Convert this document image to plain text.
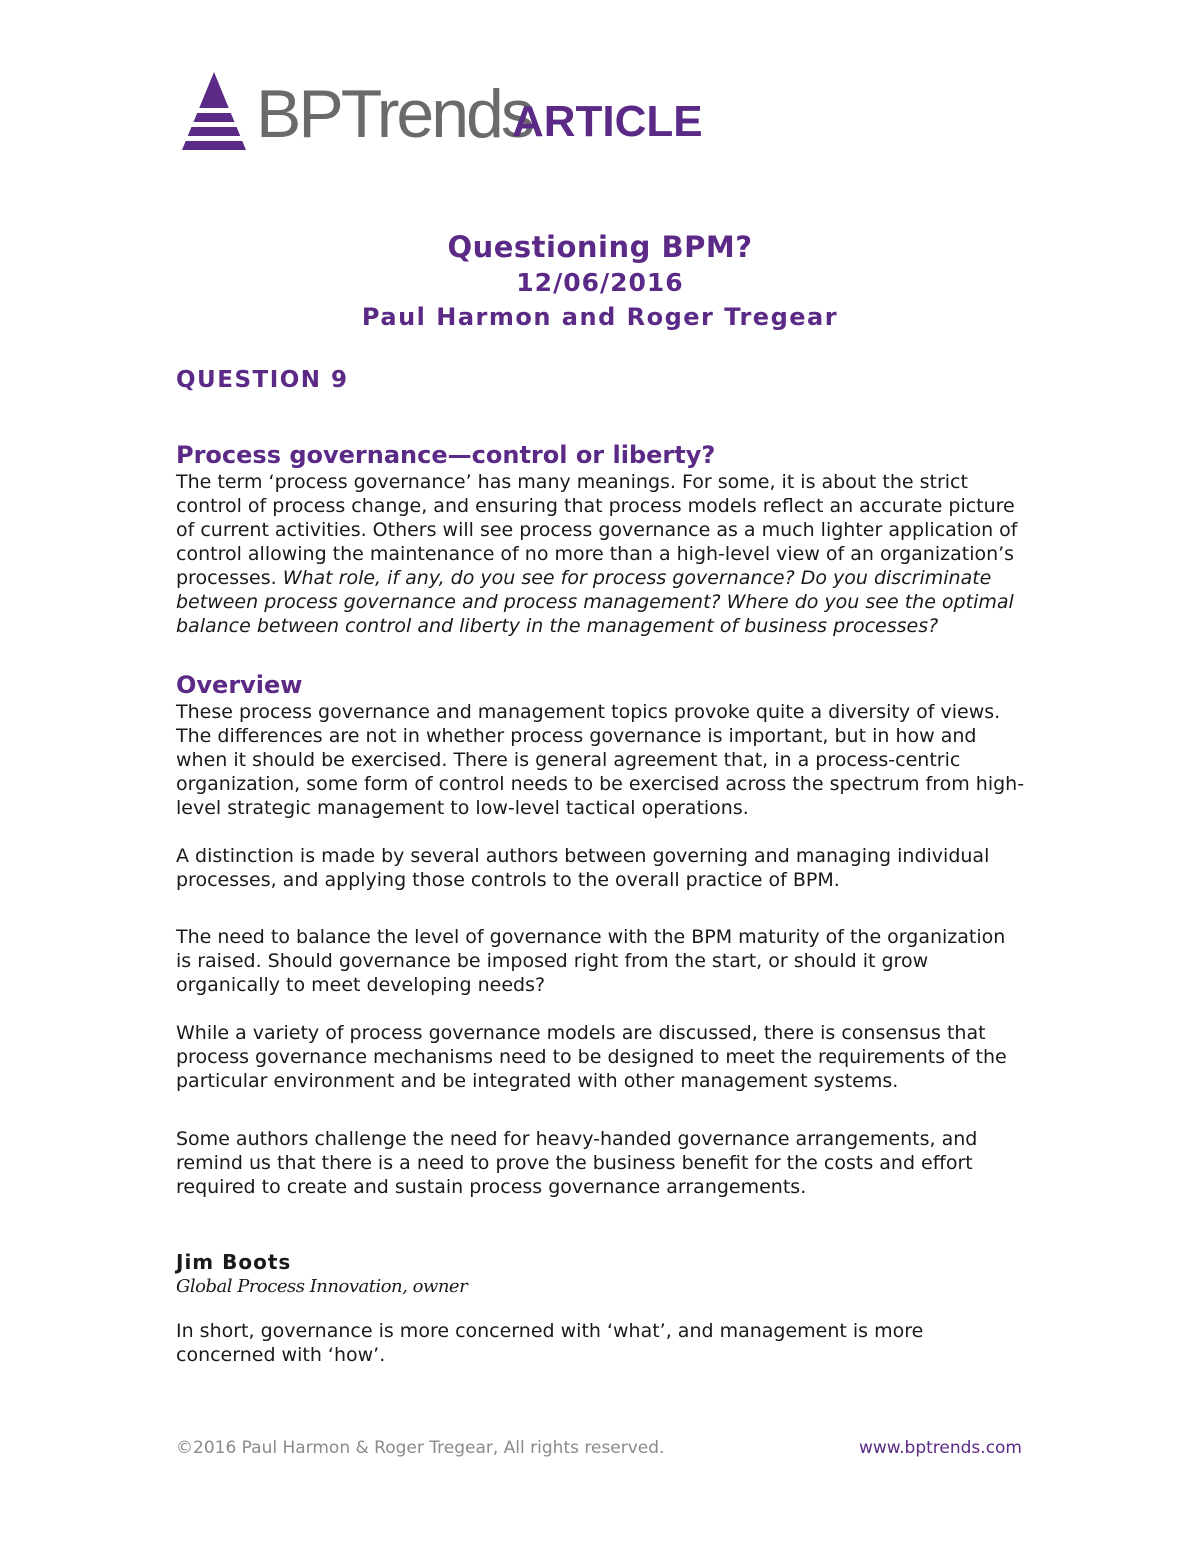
BPTrends
ARTICLE
Questioning BPM?
12/06/2016
Paul Harmon and Roger Tregear
QUESTION 9
Process governance—control or liberty?

The term ‘process governance’ has many meanings. For some, it is about the strict control of process change, and ensuring that process models reflect an accurate picture of current activities. Others will see process governance as a much lighter application of control allowing the maintenance of no more than a high-level view of an organization’s processes. What role, if any, do you see for process governance? Do you discriminate between process governance and process management? Where do you see the optimal balance between control and liberty in the management of business processes?

Overview

These process governance and management topics provoke quite a diversity of views. The differences are not in whether process governance is important, but in how and when it should be exercised. There is general agreement that, in a process-centric organization, some form of control needs to be exercised across the spectrum from high-level strategic management to low-level tactical operations.

A distinction is made by several authors between governing and managing individual processes, and applying those controls to the overall practice of BPM.

The need to balance the level of governance with the BPM maturity of the organization is raised. Should governance be imposed right from the start, or should it grow organically to meet developing needs?

While a variety of process governance models are discussed, there is consensus that process governance mechanisms need to be designed to meet the requirements of the particular environment and be integrated with other management systems.

Some authors challenge the need for heavy-handed governance arrangements, and remind us that there is a need to prove the business benefit for the costs and effort required to create and sustain process governance arrangements.

Jim Boots
Global Process Innovation, owner

In short, governance is more concerned with ‘what’, and management is more concerned with ‘how’.

©2016 Paul Harmon & Roger Tregear, All rights reserved.	www.bptrends.com
